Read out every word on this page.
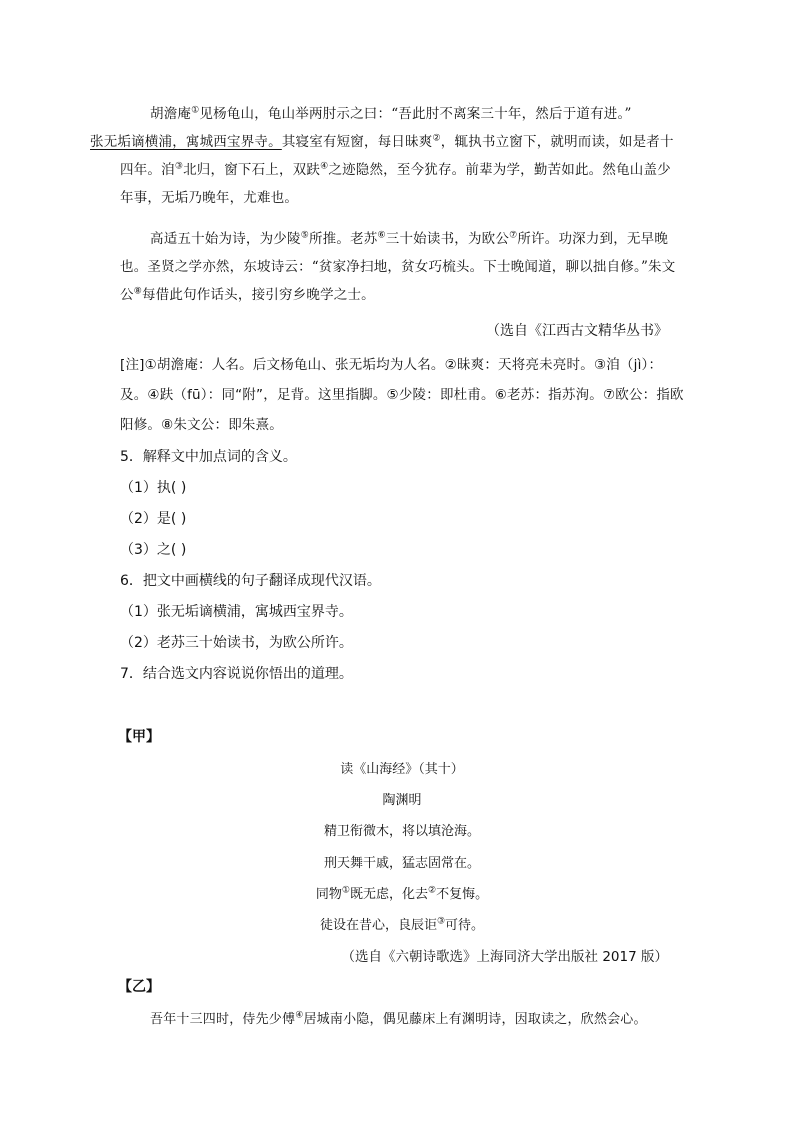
胡澹庵①见杨龟山，龟山举两肘示之曰：“吾此肘不离案三十年，然后于道有进。”
张无垢谪横浦，寓城西宝界寺。其寝室有短窗，每日昧爽②，辄执书立窗下，就明而读，如是者十四年。洎③北归，窗下石上，双趺④之迹隐然，至今犹存。前辈为学，勤苦如此。然龟山盖少年事，无垢乃晚年，尤难也。
高适五十始为诗，为少陵⑤所推。老苏⑥三十始读书，为欧公⑦所许。功深力到，无早晚也。圣贤之学亦然，东坡诗云：“贫家净扫地，贫女巧梳头。下士晚闻道，聊以拙自修。”朱文公⑧每借此句作话头，接引穷乡晚学之士。
（选自《江西古文精华丛书》
[注]①胡澹庵：人名。后文杨龟山、张无垢均为人名。②昧爽：天将亮未亮时。③洎（jì）：及。④趺（fū）：同“附”，足背。这里指脚。⑤少陵：即杜甫。⑥老苏：指苏洵。⑦欧公：指欧阳修。⑧朱文公：即朱熹。
5．解释文中加点词的含义。
（1）执( )
（2）是( )
（3）之( )
6．把文中画横线的句子翻译成现代汉语。
（1）张无垢谪横浦，寓城西宝界寺。
（2）老苏三十始读书，为欧公所许。
7．结合选文内容说说你悟出的道理。
【甲】
读《山海经》（其十）
陶渊明
精卫衔微木，将以填沧海。
刑天舞干戚，猛志固常在。
同物①既无虑，化去②不复悔。
徒设在昔心，良辰讵③可待。
（选自《六朝诗歌选》上海同济大学出版社 2017 版）
【乙】
吾年十三四时，侍先少傅④居城南小隐，偶见藤床上有渊明诗，因取读之，欣然会心。
